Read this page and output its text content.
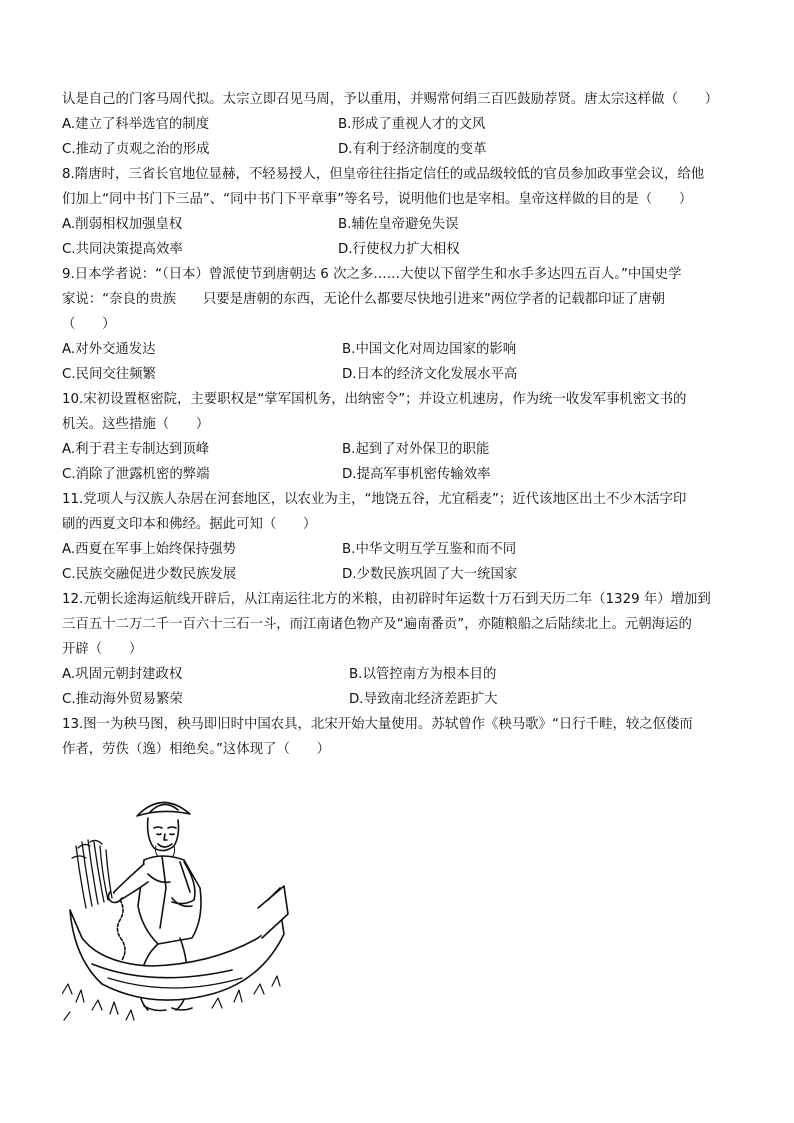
认是自己的门客马周代拟。太宗立即召见马周，予以重用，并赐常何绢三百匹鼓励荐贤。唐太宗这样做（　　）
A.建立了科举选官的制度	B.形成了重视人才的文风
C.推动了贞观之治的形成	D.有利于经济制度的变革
8.隋唐时，三省长官地位显赫，不轻易授人，但皇帝往往指定信任的或品级较低的官员参加政事堂会议，给他
们加上“同中书门下三品”、“同中书门下平章事”等名号，说明他们也是宰相。皇帝这样做的目的是（　　）
A.削弱相权加强皇权	B.辅佐皇帝避免失误
C.共同决策提高效率	D.行使权力扩大相权
9.日本学者说：“（日本）曾派使节到唐朝达 6 次之多……大使以下留学生和水手多达四五百人。”中国史学
家说：“奈良的贵族　　只要是唐朝的东西，无论什么都要尽快地引进来”两位学者的记载都印证了唐朝
（　　）
A.对外交通发达	B.中国文化对周边国家的影响
C.民间交往频繁	D.日本的经济文化发展水平高
10.宋初设置枢密院，主要职权是“掌军国机务，出纳密令”；并设立机速房，作为统一收发军事机密文书的
机关。这些措施（　　）
A.利于君主专制达到顶峰	B.起到了对外保卫的职能
C.消除了泄露机密的弊端	D.提高军事机密传输效率
11.党项人与汉族人杂居在河套地区，以农业为主，“地饶五谷，尤宜稻麦”；近代该地区出土不少木活字印
刷的西夏文印本和佛经。据此可知（　　）
A.西夏在军事上始终保持强势	B.中华文明互学互鉴和而不同
C.民族交融促进少数民族发展	D.少数民族巩固了大一统国家
12.元朝长途海运航线开辟后，从江南运往北方的米粮，由初辟时年运数十万石到天历二年（1329 年）增加到
三百五十二万二千一百六十三石一斗，而江南诸色物产及“遍南番贡”，亦随粮船之后陆续北上。元朝海运的
开辟（　　）
A.巩固元朝封建政权	B.以管控南方为根本目的
C.推动海外贸易繁荣	D.导致南北经济差距扩大
13.图一为秧马图，秧马即旧时中国农具，北宋开始大量使用。苏轼曾作《秧马歌》“日行千畦，较之伛偻而
作者，劳佚（逸）相绝矣。”这体现了（　　）
